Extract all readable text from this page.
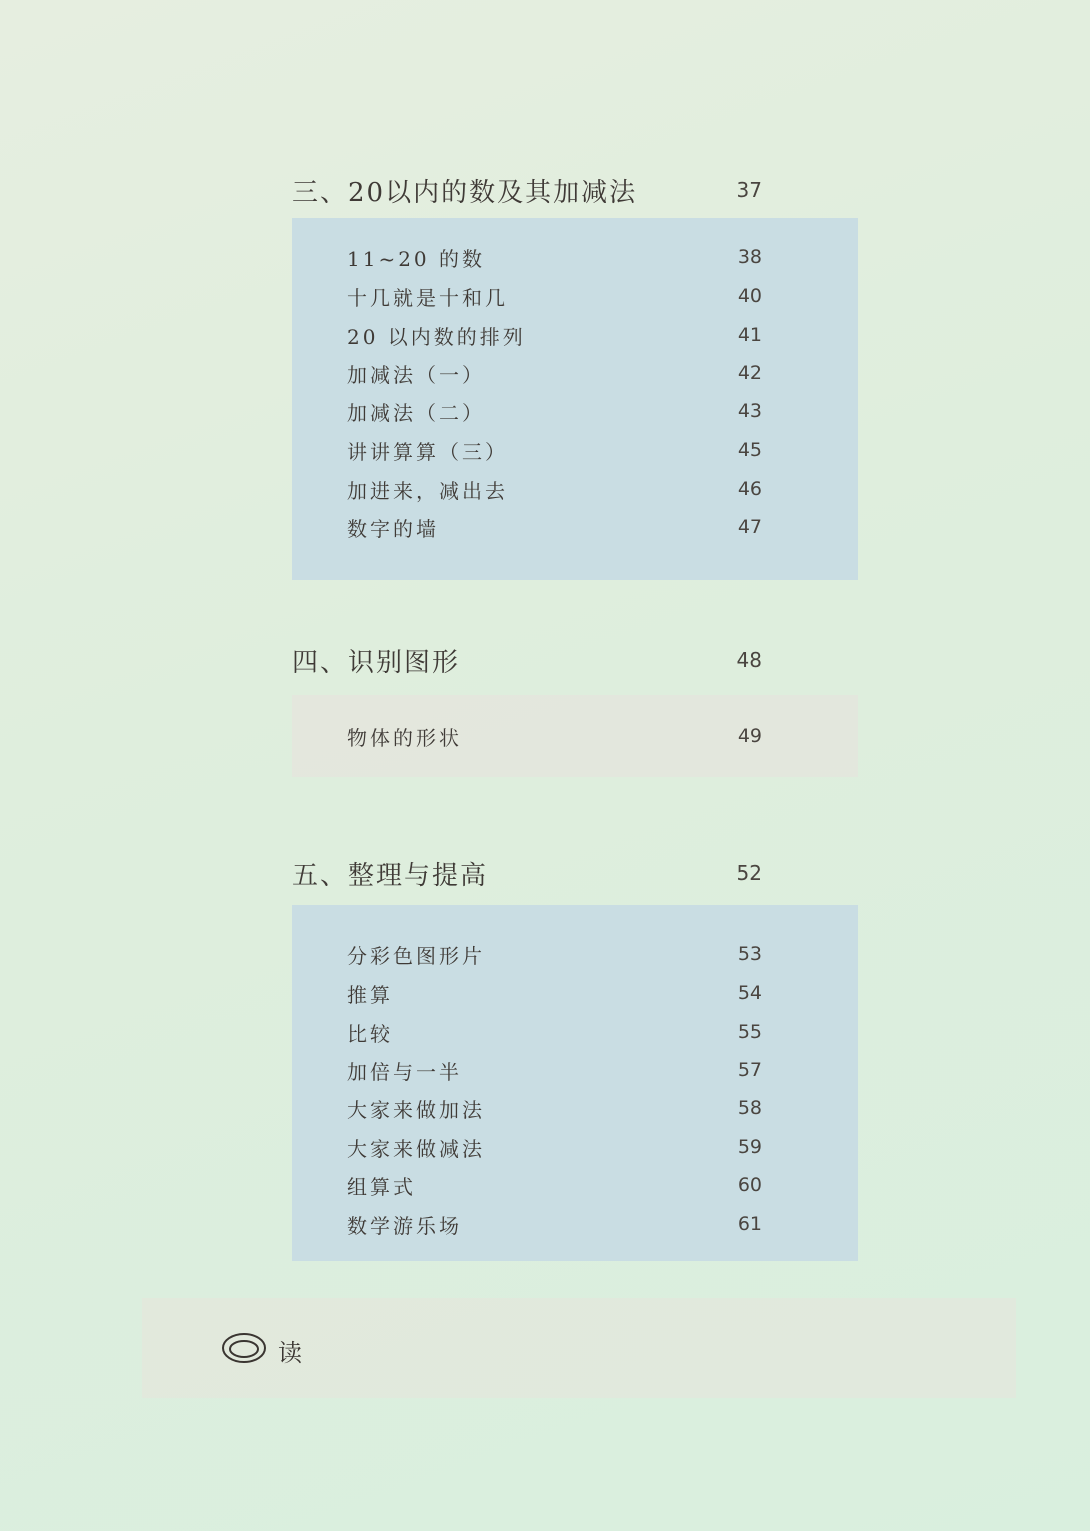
三、20以内的数及其加减法	37
11~20 的数	38
十几就是十和几	40
20 以内数的排列	41
加减法（一）	42
加减法（二）	43
讲讲算算（三）	45
加进来，减出去	46
数字的墙	47
四、识别图形	48
物体的形状	49
五、整理与提高	52
分彩色图形片	53
推算	54
比较	55
加倍与一半	57
大家来做加法	58
大家来做减法	59
组算式	60
数学游乐场	61
读
